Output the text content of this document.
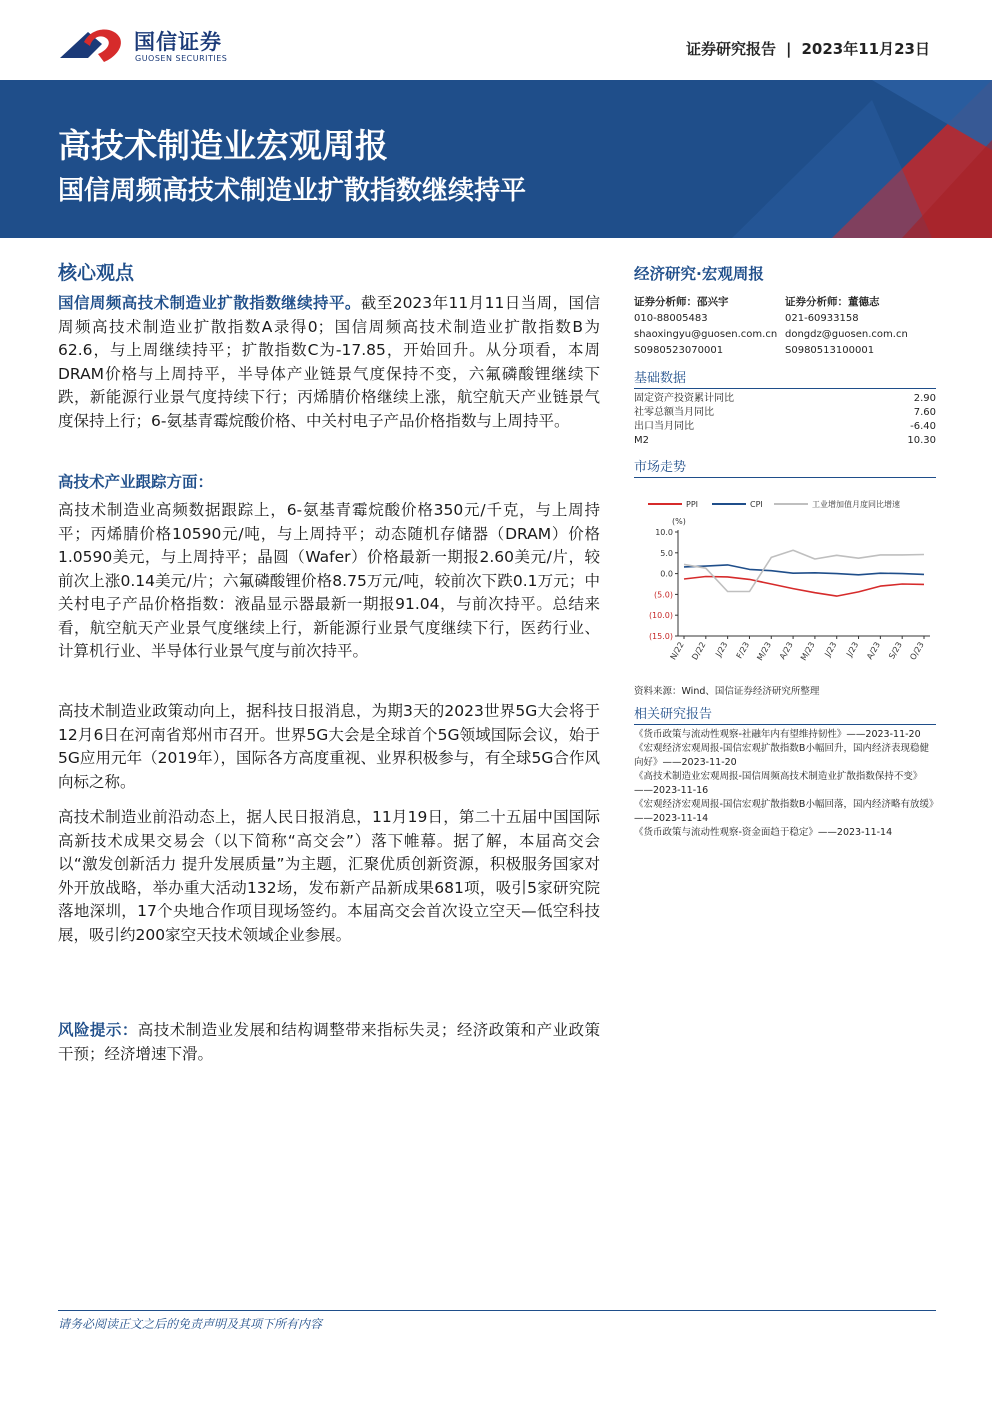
国信证券
GUOSEN SECURITIES
证券研究报告 | 2023年11月23日
高技术制造业宏观周报
国信周频高技术制造业扩散指数继续持平
核心观点
国信周频高技术制造业扩散指数继续持平。截至2023年11月11日当周，国信周频高技术制造业扩散指数A录得0；国信周频高技术制造业扩散指数B为62.6，与上周继续持平；扩散指数C为-17.85，开始回升。从分项看，本周DRAM价格与上周持平，半导体产业链景气度保持不变，六氟磷酸锂继续下跌，新能源行业景气度持续下行；丙烯腈价格继续上涨，航空航天产业链景气度保持上行；6-氨基青霉烷酸价格、中关村电子产品价格指数与上周持平。
高技术产业跟踪方面：
高技术制造业高频数据跟踪上，6-氨基青霉烷酸价格350元/千克，与上周持平；丙烯腈价格10590元/吨，与上周持平；动态随机存储器（DRAM）价格1.0590美元，与上周持平；晶圆（Wafer）价格最新一期报2.60美元/片，较前次上涨0.14美元/片；六氟磷酸锂价格8.75万元/吨，较前次下跌0.1万元；中关村电子产品价格指数：液晶显示器最新一期报91.04，与前次持平。总结来看，航空航天产业景气度继续上行，新能源行业景气度继续下行，医药行业、计算机行业、半导体行业景气度与前次持平。
高技术制造业政策动向上，据科技日报消息，为期3天的2023世界5G大会将于12月6日在河南省郑州市召开。世界5G大会是全球首个5G领域国际会议，始于5G应用元年（2019年），国际各方高度重视、业界积极参与，有全球5G合作风向标之称。
高技术制造业前沿动态上，据人民日报消息，11月19日，第二十五届中国国际高新技术成果交易会（以下简称“高交会”）落下帷幕。据了解，本届高交会以“激发创新活力 提升发展质量”为主题，汇聚优质创新资源，积极服务国家对外开放战略，举办重大活动132场，发布新产品新成果681项，吸引5家研究院落地深圳，17个央地合作项目现场签约。本届高交会首次设立空天—低空科技展，吸引约200家空天技术领域企业参展。
风险提示：高技术制造业发展和结构调整带来指标失灵；经济政策和产业政策干预；经济增速下滑。
经济研究·宏观周报
证券分析师：邵兴宇
010-88005483
shaoxingyu@guosen.com.cn
S0980523070001
证券分析师：董德志
021-60933158
dongdz@guosen.com.cn
S0980513100001
基础数据
固定资产投资累计同比	2.90
社零总额当月同比	7.60
出口当月同比	-6.40
M2	10.30
市场走势
PPI	CPI	工业增加值月度同比增速
(%)
10.0
5.0
0.0
(5.0)
(10.0)
(15.0)
N/22 D/22 J/23 F/23 M/23 A/23 M/23 J/23 J/23 A/23 S/23 O/23
资料来源：Wind、国信证券经济研究所整理
相关研究报告
《货币政策与流动性观察-社融年内有望维持韧性》——2023-11-20
《宏观经济宏观周报-国信宏观扩散指数B小幅回升，国内经济表现稳健向好》——2023-11-20
《高技术制造业宏观周报-国信周频高技术制造业扩散指数保持不变》——2023-11-16
《宏观经济宏观周报-国信宏观扩散指数B小幅回落，国内经济略有放缓》——2023-11-14
《货币政策与流动性观察-资金面趋于稳定》——2023-11-14
请务必阅读正文之后的免责声明及其项下所有内容
